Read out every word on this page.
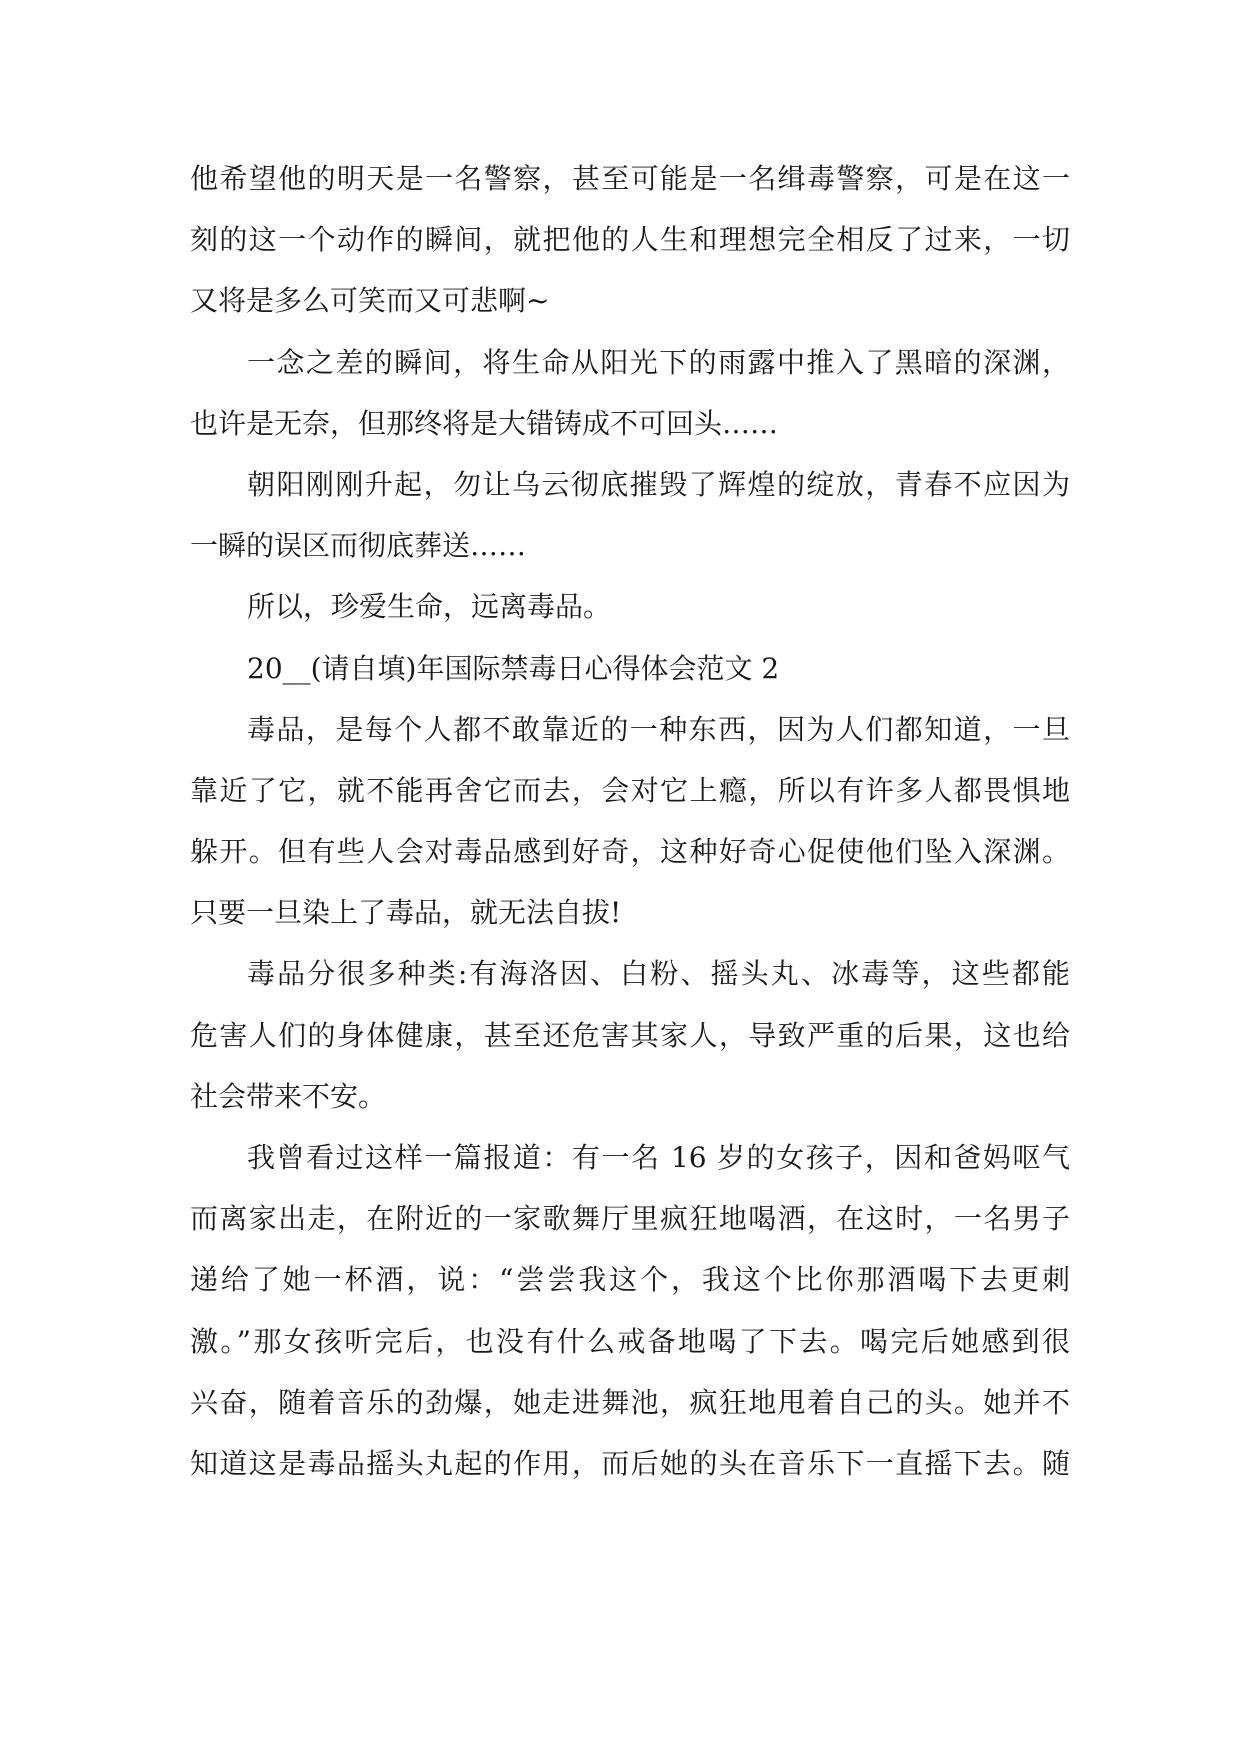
他希望他的明天是一名警察，甚至可能是一名缉毒警察，可是在这一
刻的这一个动作的瞬间，就把他的人生和理想完全相反了过来，一切
又将是多么可笑而又可悲啊~
一念之差的瞬间，将生命从阳光下的雨露中推入了黑暗的深渊，
也许是无奈，但那终将是大错铸成不可回头……
朝阳刚刚升起，勿让乌云彻底摧毁了辉煌的绽放，青春不应因为
一瞬的误区而彻底葬送……
所以，珍爱生命，远离毒品。
20__(请自填)年国际禁毒日心得体会范文 2
毒品，是每个人都不敢靠近的一种东西，因为人们都知道，一旦
靠近了它，就不能再舍它而去，会对它上瘾，所以有许多人都畏惧地
躲开。但有些人会对毒品感到好奇，这种好奇心促使他们坠入深渊。
只要一旦染上了毒品，就无法自拔!
毒品分很多种类:有海洛因、白粉、摇头丸、冰毒等，这些都能
危害人们的身体健康，甚至还危害其家人，导致严重的后果，这也给
社会带来不安。
我曾看过这样一篇报道：有一名 16 岁的女孩子，因和爸妈呕气
而离家出走，在附近的一家歌舞厅里疯狂地喝酒，在这时，一名男子
递给了她一杯酒，说：“尝尝我这个，我这个比你那酒喝下去更刺
激。”那女孩听完后，也没有什么戒备地喝了下去。喝完后她感到很
兴奋，随着音乐的劲爆，她走进舞池，疯狂地甩着自己的头。她并不
知道这是毒品摇头丸起的作用，而后她的头在音乐下一直摇下去。随
